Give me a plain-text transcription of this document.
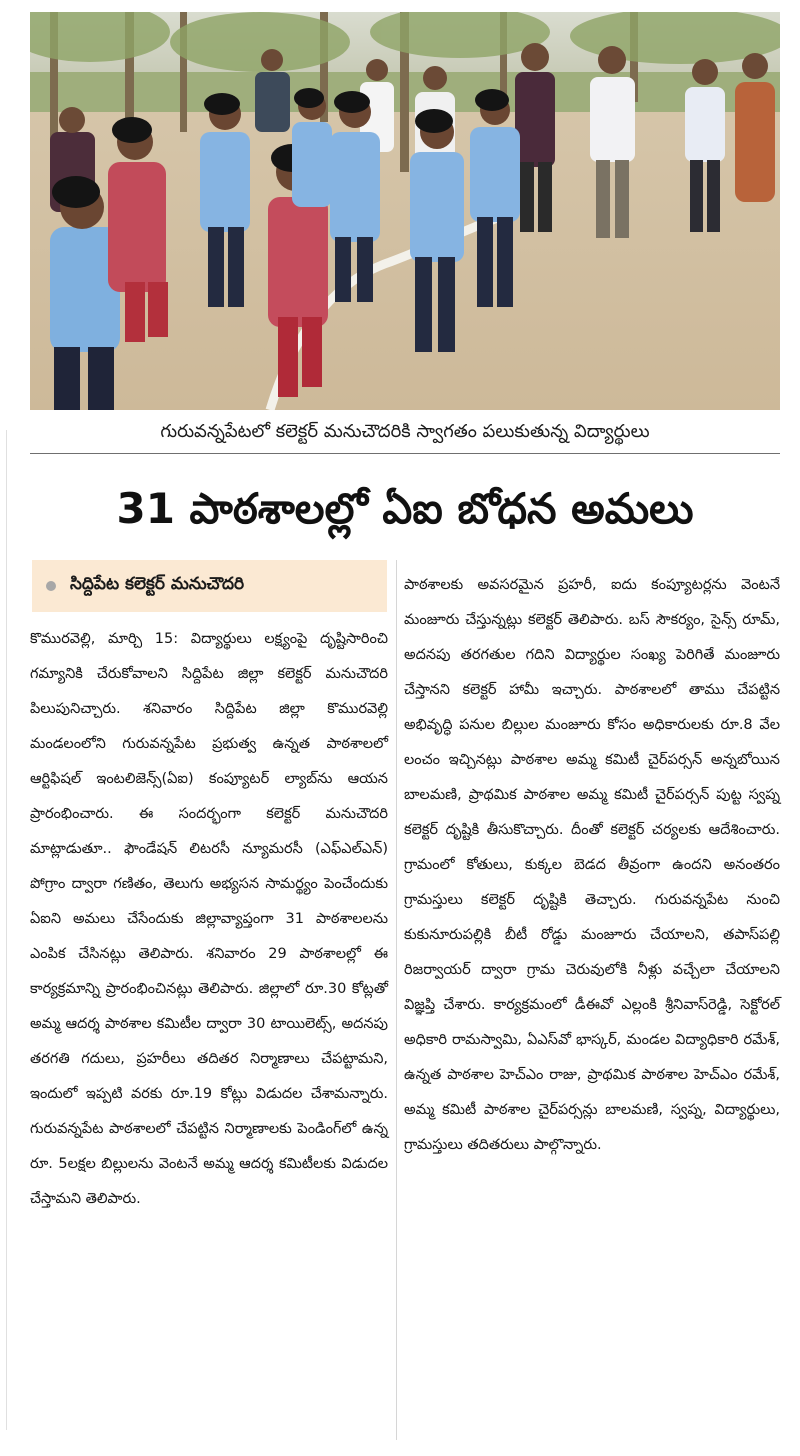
గురువన్నపేటలో కలెక్టర్ మనుచౌదరికి స్వాగతం పలుకుతున్న విద్యార్థులు
31 పాఠశాలల్లో ఏఐ బోధన అమలు
సిద్దిపేట కలెక్టర్ మనుచౌదరి

కొమురవెల్లి, మార్చి 15: విద్యార్థులు లక్ష్యంపై దృష్టిసారించి గమ్యానికి చేరుకోవాలని సిద్దిపేట జిల్లా కలెక్టర్ మనుచౌదరి పిలుపునిచ్చారు. శనివారం సిద్దిపేట జిల్లా కొమురవెల్లి మండలంలోని గురువన్నపేట ప్రభుత్వ ఉన్నత పాఠశాలలో ఆర్టిఫిషల్ ఇంటలిజెన్స్(ఏఐ) కంప్యూటర్ ల్యాబ్‌ను ఆయన ప్రారంభించారు. ఈ సందర్భంగా కలెక్టర్ మనుచౌదరి మాట్లాడుతూ.. ఫౌండేషన్ లిటరసీ న్యూమరసీ (ఎఫ్ఎల్ఎన్) పోగ్రాం ద్వారా గణితం, తెలుగు అభ్యసన సామర్థ్యం పెంచేందుకు ఏఐని అమలు చేసేందుకు జిల్లావ్యాప్తంగా 31 పాఠశాలలను ఎంపిక చేసినట్లు తెలిపారు. శనివారం 29 పాఠశాలల్లో ఈ కార్యక్రమాన్ని ప్రారంభించినట్లు తెలిపారు. జిల్లాలో రూ.30 కోట్లతో అమ్మ ఆదర్శ పాఠశాల కమిటీల ద్వారా 30 టాయిలెట్స్, అదనపు తరగతి గదులు, ప్రహరీలు తదితర నిర్మాణాలు చేపట్టామని, ఇందులో ఇప్పటి వరకు రూ.19 కోట్లు విడుదల చేశామన్నారు. గురువన్నపేట పాఠశాలలో చేపట్టిన నిర్మాణాలకు పెండింగ్‌లో ఉన్న రూ. 5లక్షల బిల్లులను వెంటనే అమ్మ ఆదర్శ కమిటీలకు విడుదల చేస్తామని తెలిపారు.

పాఠశాలకు అవసరమైన ప్రహరీ, ఐదు కంప్యూటర్లను వెంటనే మంజూరు చేస్తున్నట్లు కలెక్టర్ తెలిపారు. బస్ సౌకర్యం, సైన్స్ రూమ్, అదనపు తరగతుల గదిని విద్యార్థుల సంఖ్య పెరిగితే మంజూరు చేస్తానని కలెక్టర్ హామీ ఇచ్చారు. పాఠశాలలో తాము చేపట్టిన అభివృద్ధి పనుల బిల్లుల మంజూరు కోసం అధికారులకు రూ.8 వేల లంచం ఇచ్చినట్లు పాఠశాల అమ్మ కమిటీ చైర్‌పర్సన్ అన్నబోయిన బాలమణి, ప్రాథమిక పాఠశాల అమ్మ కమిటీ చైర్‌పర్సన్ పుట్ట స్వప్న కలెక్టర్ దృష్టికి తీసుకొచ్చారు. దీంతో కలెక్టర్ చర్యలకు ఆదేశించారు. గ్రామంలో కోతులు, కుక్కల బెడద తీవ్రంగా ఉందని అనంతరం గ్రామస్తులు కలెక్టర్ దృష్టికి తెచ్చారు. గురువన్నపేట నుంచి కుకునూరుపల్లికి బీటీ రోడ్డు మంజూరు చేయాలని, తపాస్‌పల్లి రిజర్వాయర్ ద్వారా గ్రామ చెరువులోకి నీళ్లు వచ్చేలా చేయాలని విజ్ఞప్తి చేశారు. కార్యక్రమంలో డీఈవో ఎల్లంకి శ్రీనివాస్‌రెడ్డి, సెక్టోరల్ అధికారి రామస్వామి, ఏఎస్‌వో భాస్కర్, మండల విద్యాధికారి రమేశ్, ఉన్నత పాఠశాల హెచ్ఎం రాజు, ప్రాథమిక పాఠశాల హెచ్ఎం రమేశ్, అమ్మ కమిటీ పాఠశాల చైర్‌పర్సన్లు బాలమణి, స్వప్న, విద్యార్థులు, గ్రామస్తులు తదితరులు పాల్గొన్నారు.
